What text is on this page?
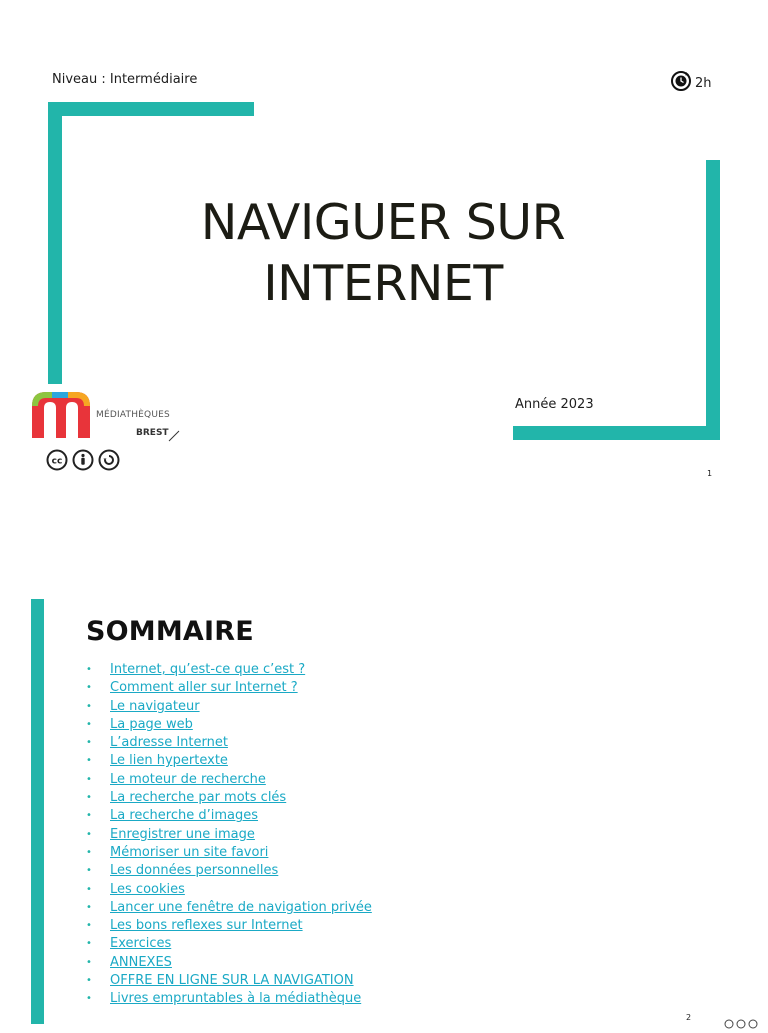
Niveau : Intermédiaire	2h
NAVIGUER SUR
INTERNET
Année 2023
1
MÉDIATHÈQUES
BREST
cc
SOMMAIRE
• Internet, qu’est-ce que c’est ?
• Comment aller sur Internet ?
• Le navigateur
• La page web
• L’adresse Internet
• Le lien hypertexte
• Le moteur de recherche
• La recherche par mots clés
• La recherche d’images
• Enregistrer une image
• Mémoriser un site favori
• Les données personnelles
• Les cookies
• Lancer une fenêtre de navigation privée
• Les bons reflexes sur Internet
• Exercices
• ANNEXES
• OFFRE EN LIGNE SUR LA NAVIGATION
• Livres empruntables à la médiathèque
2
